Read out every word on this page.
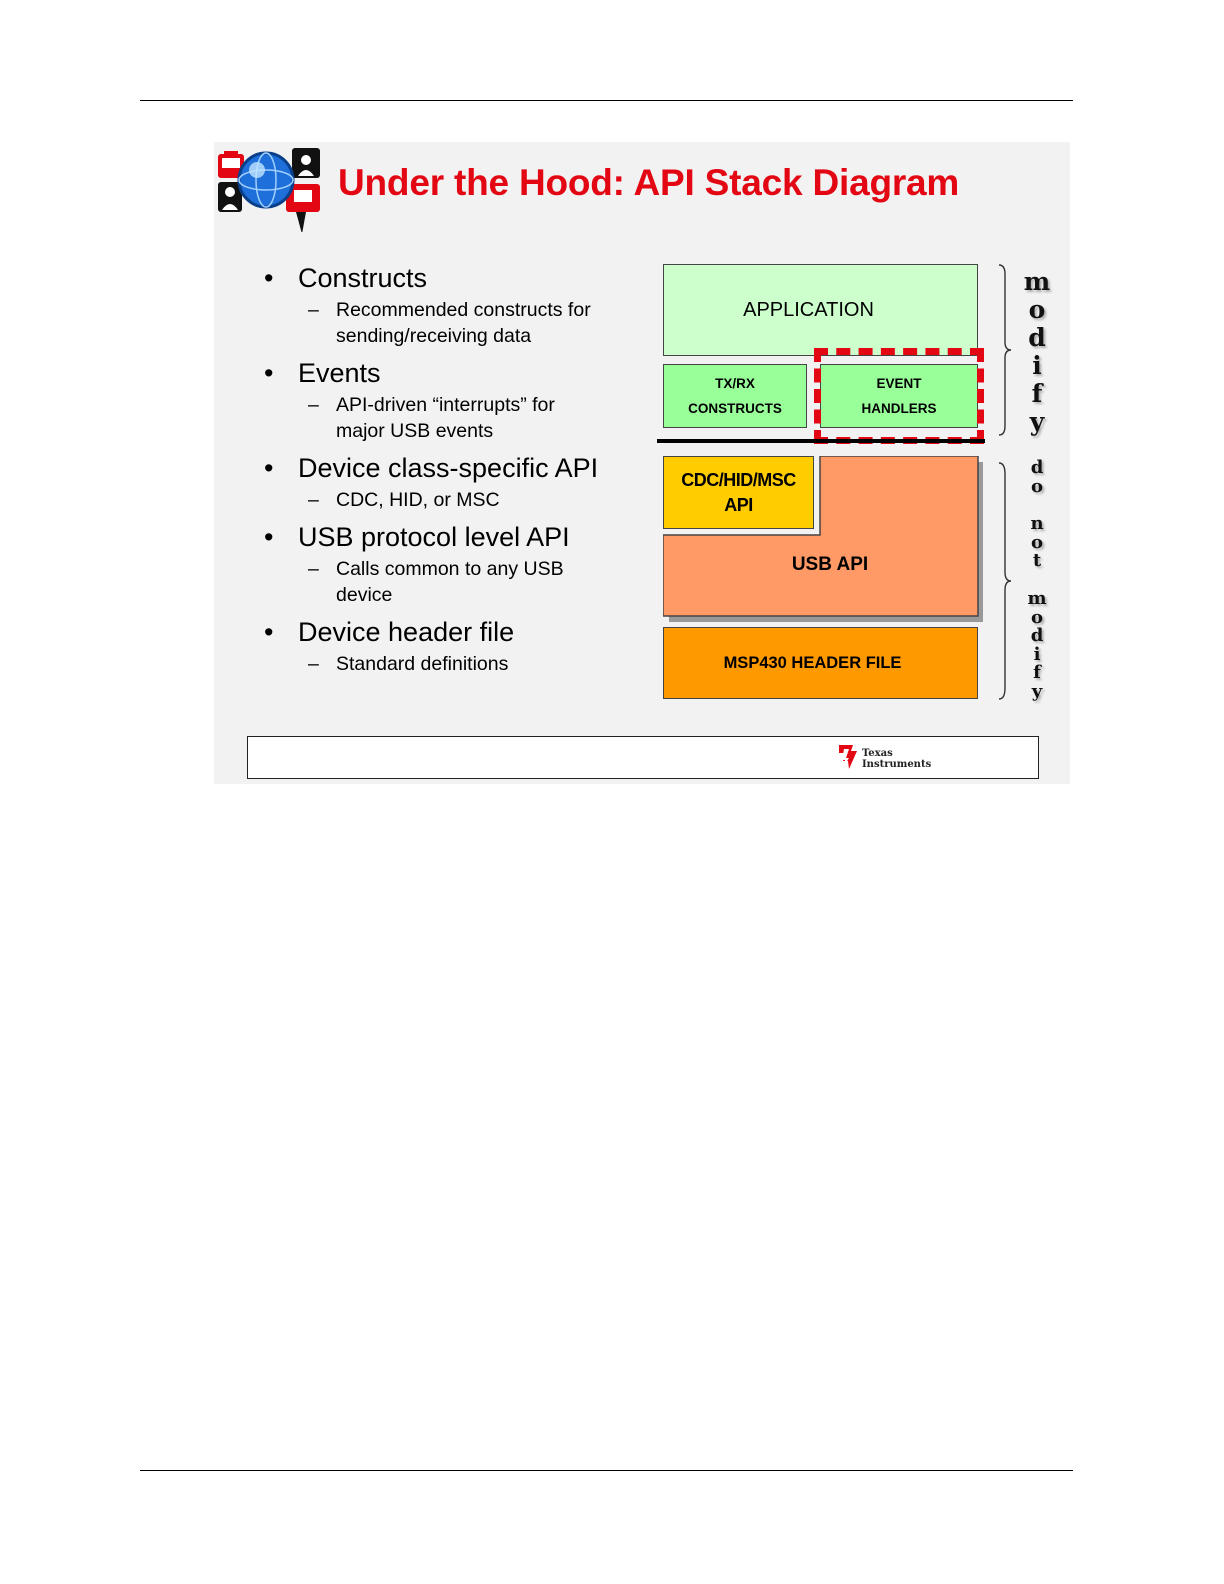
Under the Hood: API Stack Diagram
• Constructs
– Recommended constructs for
sending/receiving data
• Events
– API-driven “interrupts” for
major USB events
• Device class-specific API
– CDC, HID, or MSC
• USB protocol level API
– Calls common to any USB
device
• Device header file
– Standard definitions
APPLICATION
TX/RX
CONSTRUCTS
EVENT
HANDLERS
USB API
CDC/HID/MSC
API
MSP430 HEADER FILE
m
o
d
i
f
y
d
o
n
o
t
m
o
d
i
f
y
Texas
Instruments
